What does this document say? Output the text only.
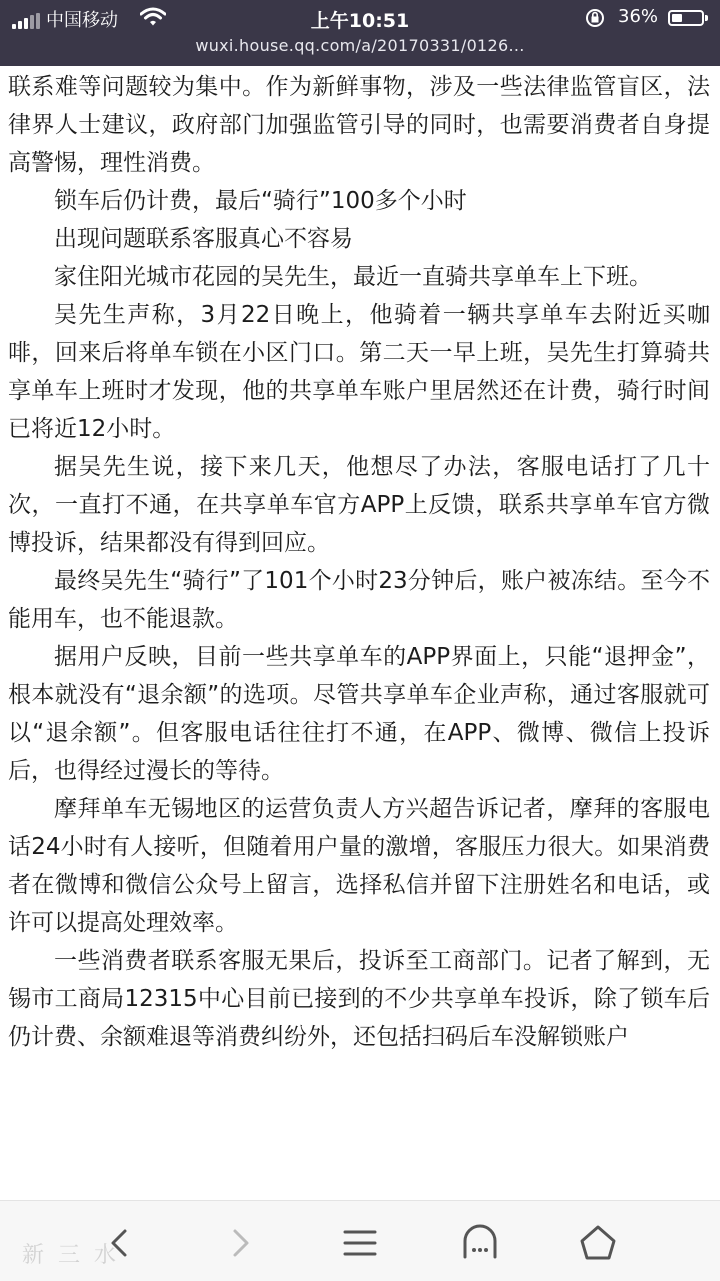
中国移动	上午10:51	36%
wuxi.house.qq.com/a/20170331/0126...

联系难等问题较为集中。作为新鲜事物，涉及一些法律监管盲区，法律界人士建议，政府部门加强监管引导的同时，也需要消费者自身提高警惕，理性消费。

锁车后仍计费，最后“骑行”100多个小时

出现问题联系客服真心不容易

家住阳光城市花园的吴先生，最近一直骑共享单车上下班。

吴先生声称，3月22日晚上，他骑着一辆共享单车去附近买咖啡，回来后将单车锁在小区门口。第二天一早上班，吴先生打算骑共享单车上班时才发现，他的共享单车账户里居然还在计费，骑行时间已将近12小时。

据吴先生说，接下来几天，他想尽了办法，客服电话打了几十次，一直打不通，在共享单车官方APP上反馈，联系共享单车官方微博投诉，结果都没有得到回应。

最终吴先生“骑行”了101个小时23分钟后，账户被冻结。至今不能用车，也不能退款。

据用户反映，目前一些共享单车的APP界面上，只能“退押金”，根本就没有“退余额”的选项。尽管共享单车企业声称，通过客服就可以“退余额”。但客服电话往往打不通，在APP、微博、微信上投诉后，也得经过漫长的等待。

摩拜单车无锡地区的运营负责人方兴超告诉记者，摩拜的客服电话24小时有人接听，但随着用户量的激增，客服压力很大。如果消费者在微博和微信公众号上留言，选择私信并留下注册姓名和电话，或许可以提高处理效率。

一些消费者联系客服无果后，投诉至工商部门。记者了解到，无锡市工商局12315中心目前已接到的不少共享单车投诉，除了锁车后仍计费、余额难退等消费纠纷外，还包括扫码后车没解锁账户

新三水
